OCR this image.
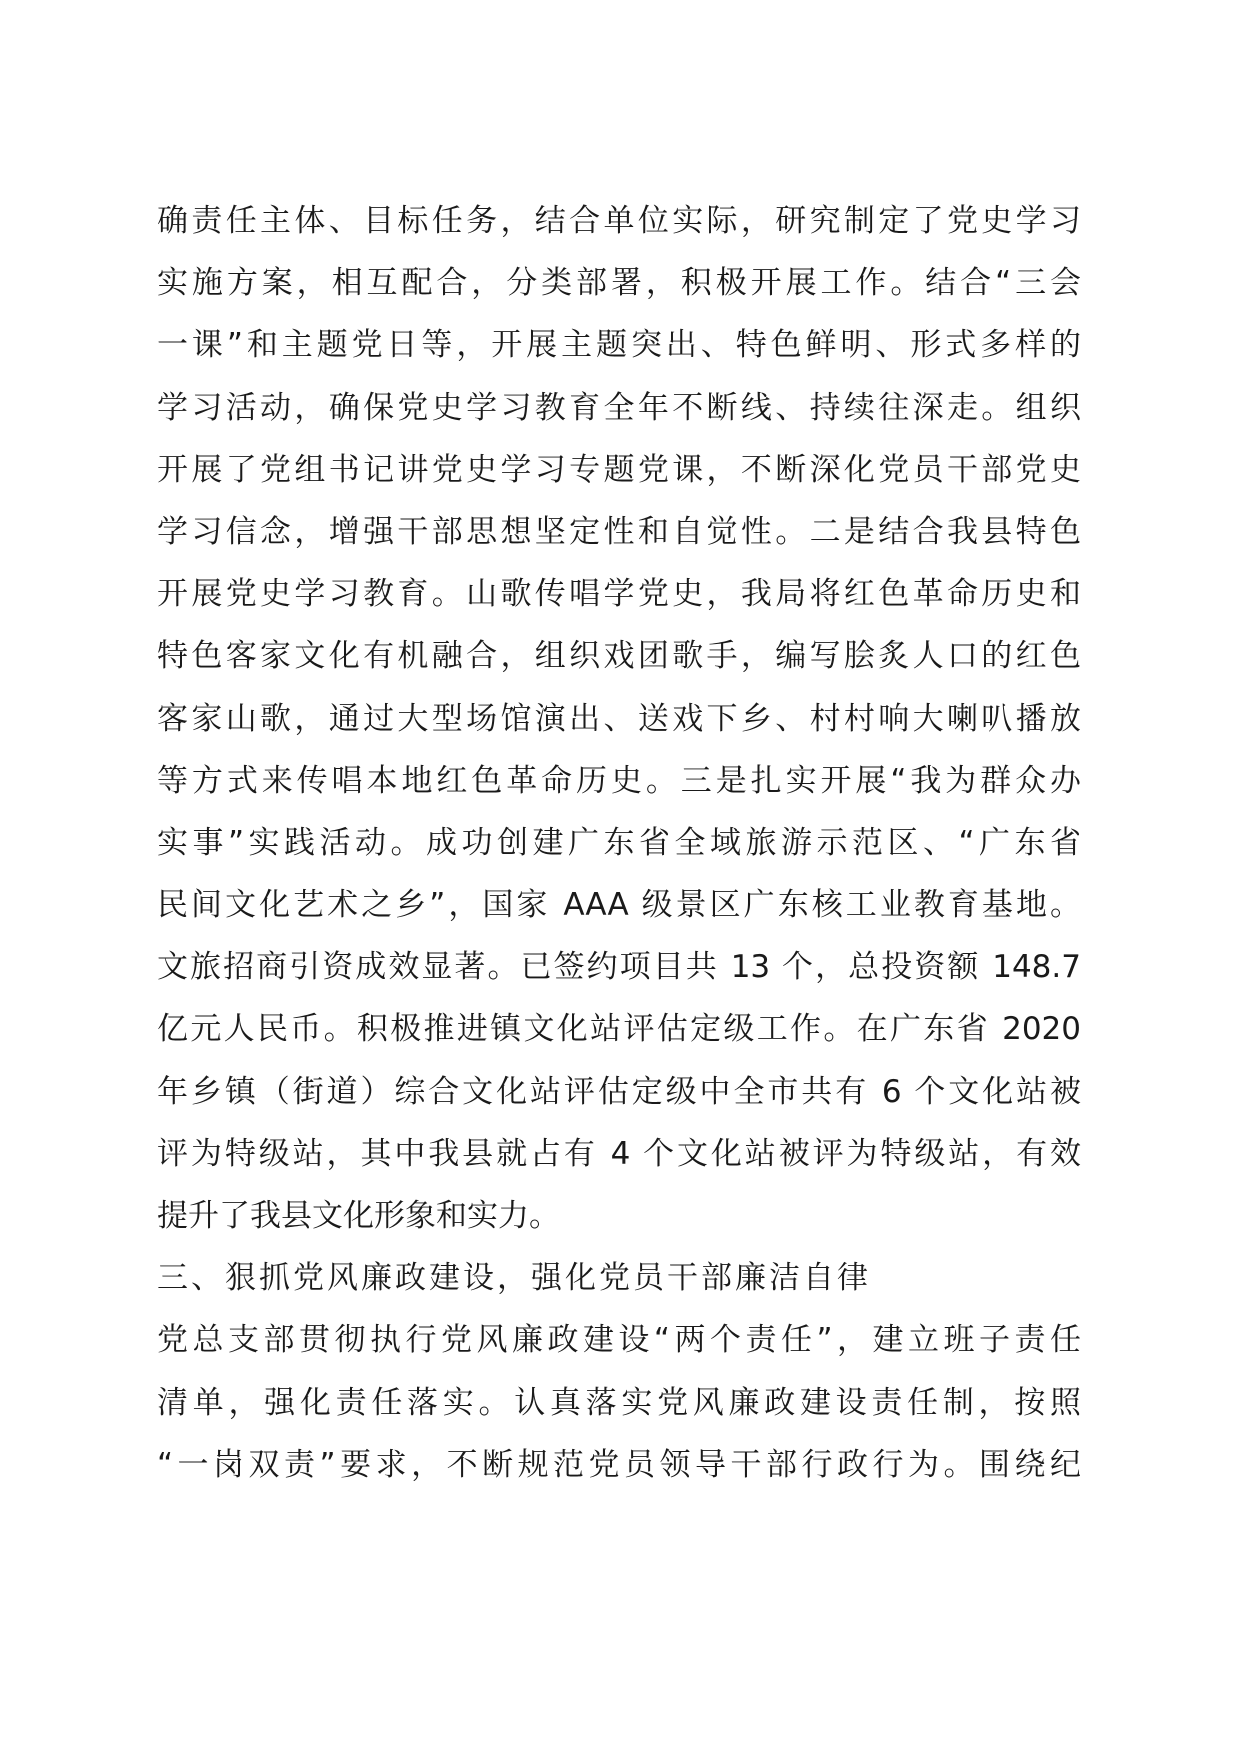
确责任主体、目标任务，结合单位实际，研究制定了党史学习
实施方案，相互配合，分类部署，积极开展工作。结合“三会
一课”和主题党日等，开展主题突出、特色鲜明、形式多样的
学习活动，确保党史学习教育全年不断线、持续往深走。组织
开展了党组书记讲党史学习专题党课，不断深化党员干部党史
学习信念，增强干部思想坚定性和自觉性。二是结合我县特色
开展党史学习教育。山歌传唱学党史，我局将红色革命历史和
特色客家文化有机融合，组织戏团歌手，编写脍炙人口的红色
客家山歌，通过大型场馆演出、送戏下乡、村村响大喇叭播放
等方式来传唱本地红色革命历史。三是扎实开展“我为群众办
实事”实践活动。成功创建广东省全域旅游示范区、“广东省
民间文化艺术之乡”，国家 AAA 级景区广东核工业教育基地。
文旅招商引资成效显著。已签约项目共 13 个，总投资额 148.7
亿元人民币。积极推进镇文化站评估定级工作。在广东省 2020
年乡镇（街道）综合文化站评估定级中全市共有 6 个文化站被
评为特级站，其中我县就占有 4 个文化站被评为特级站，有效
提升了我县文化形象和实力。
三、狠抓党风廉政建设，强化党员干部廉洁自律
党总支部贯彻执行党风廉政建设“两个责任”，建立班子责任
清单，强化责任落实。认真落实党风廉政建设责任制，按照
“一岗双责”要求，不断规范党员领导干部行政行为。围绕纪
